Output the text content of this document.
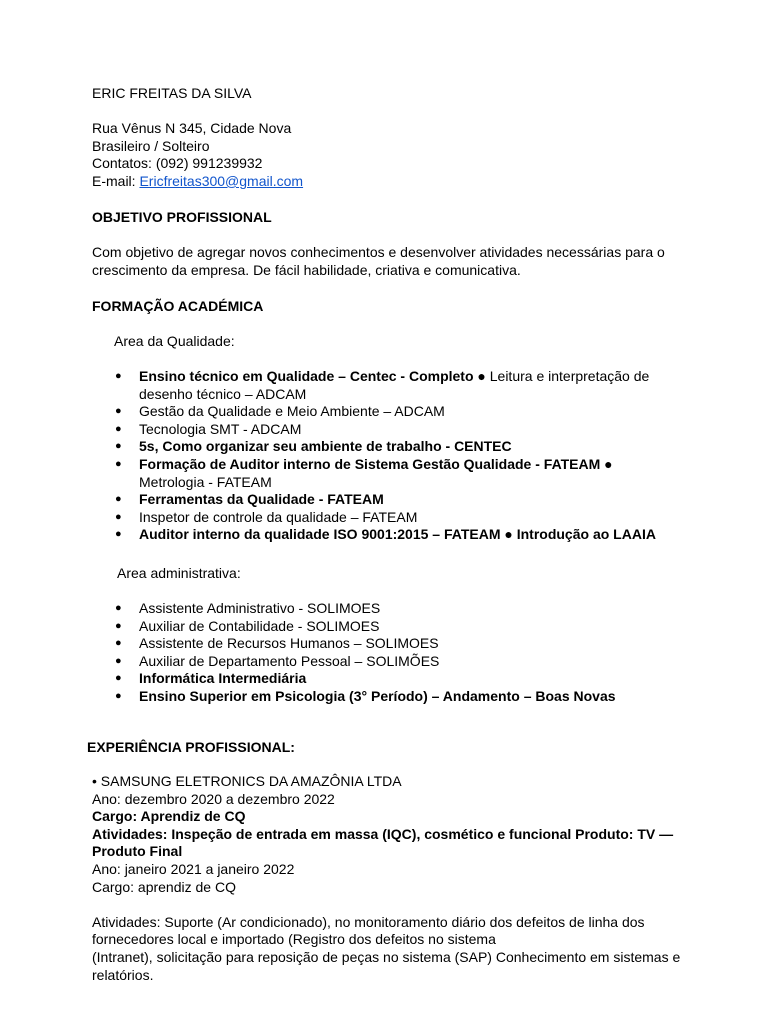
ERIC FREITAS DA SILVA
Rua Vênus N 345, Cidade Nova
Brasileiro / Solteiro
Contatos: (092) 991239932
E-mail: Ericfreitas300@gmail.com
OBJETIVO PROFISSIONAL
Com objetivo de agregar novos conhecimentos e desenvolver atividades necessárias para o
crescimento da empresa. De fácil habilidade, criativa e comunicativa.
FORMAÇÃO ACADÉMICA
Area da Qualidade:
● Ensino técnico em Qualidade – Centec - Completo ● Leitura e interpretação de
desenho técnico – ADCAM
● Gestão da Qualidade e Meio Ambiente – ADCAM
● Tecnologia SMT - ADCAM
● 5s, Como organizar seu ambiente de trabalho - CENTEC
● Formação de Auditor interno de Sistema Gestão Qualidade - FATEAM ●
Metrologia - FATEAM
● Ferramentas da Qualidade - FATEAM
● Inspetor de controle da qualidade – FATEAM
● Auditor interno da qualidade ISO 9001:2015 – FATEAM ● Introdução ao LAAIA
Area administrativa:
● Assistente Administrativo - SOLIMOES
● Auxiliar de Contabilidade - SOLIMOES
● Assistente de Recursos Humanos – SOLIMOES
● Auxiliar de Departamento Pessoal – SOLIMÕES
● Informática Intermediária
● Ensino Superior em Psicologia (3° Período) – Andamento – Boas Novas
EXPERIÊNCIA PROFISSIONAL:
• SAMSUNG ELETRONICS DA AMAZÔNIA LTDA
Ano: dezembro 2020 a dezembro 2022
Cargo: Aprendiz de CQ
Atividades: Inspeção de entrada em massa (IQC), cosmético e funcional Produto: TV —
Produto Final
Ano: janeiro 2021 a janeiro 2022
Cargo: aprendiz de CQ
Atividades: Suporte (Ar condicionado), no monitoramento diário dos defeitos de linha dos
fornecedores local e importado (Registro dos defeitos no sistema
(Intranet), solicitação para reposição de peças no sistema (SAP) Conhecimento em sistemas e
relatórios.
